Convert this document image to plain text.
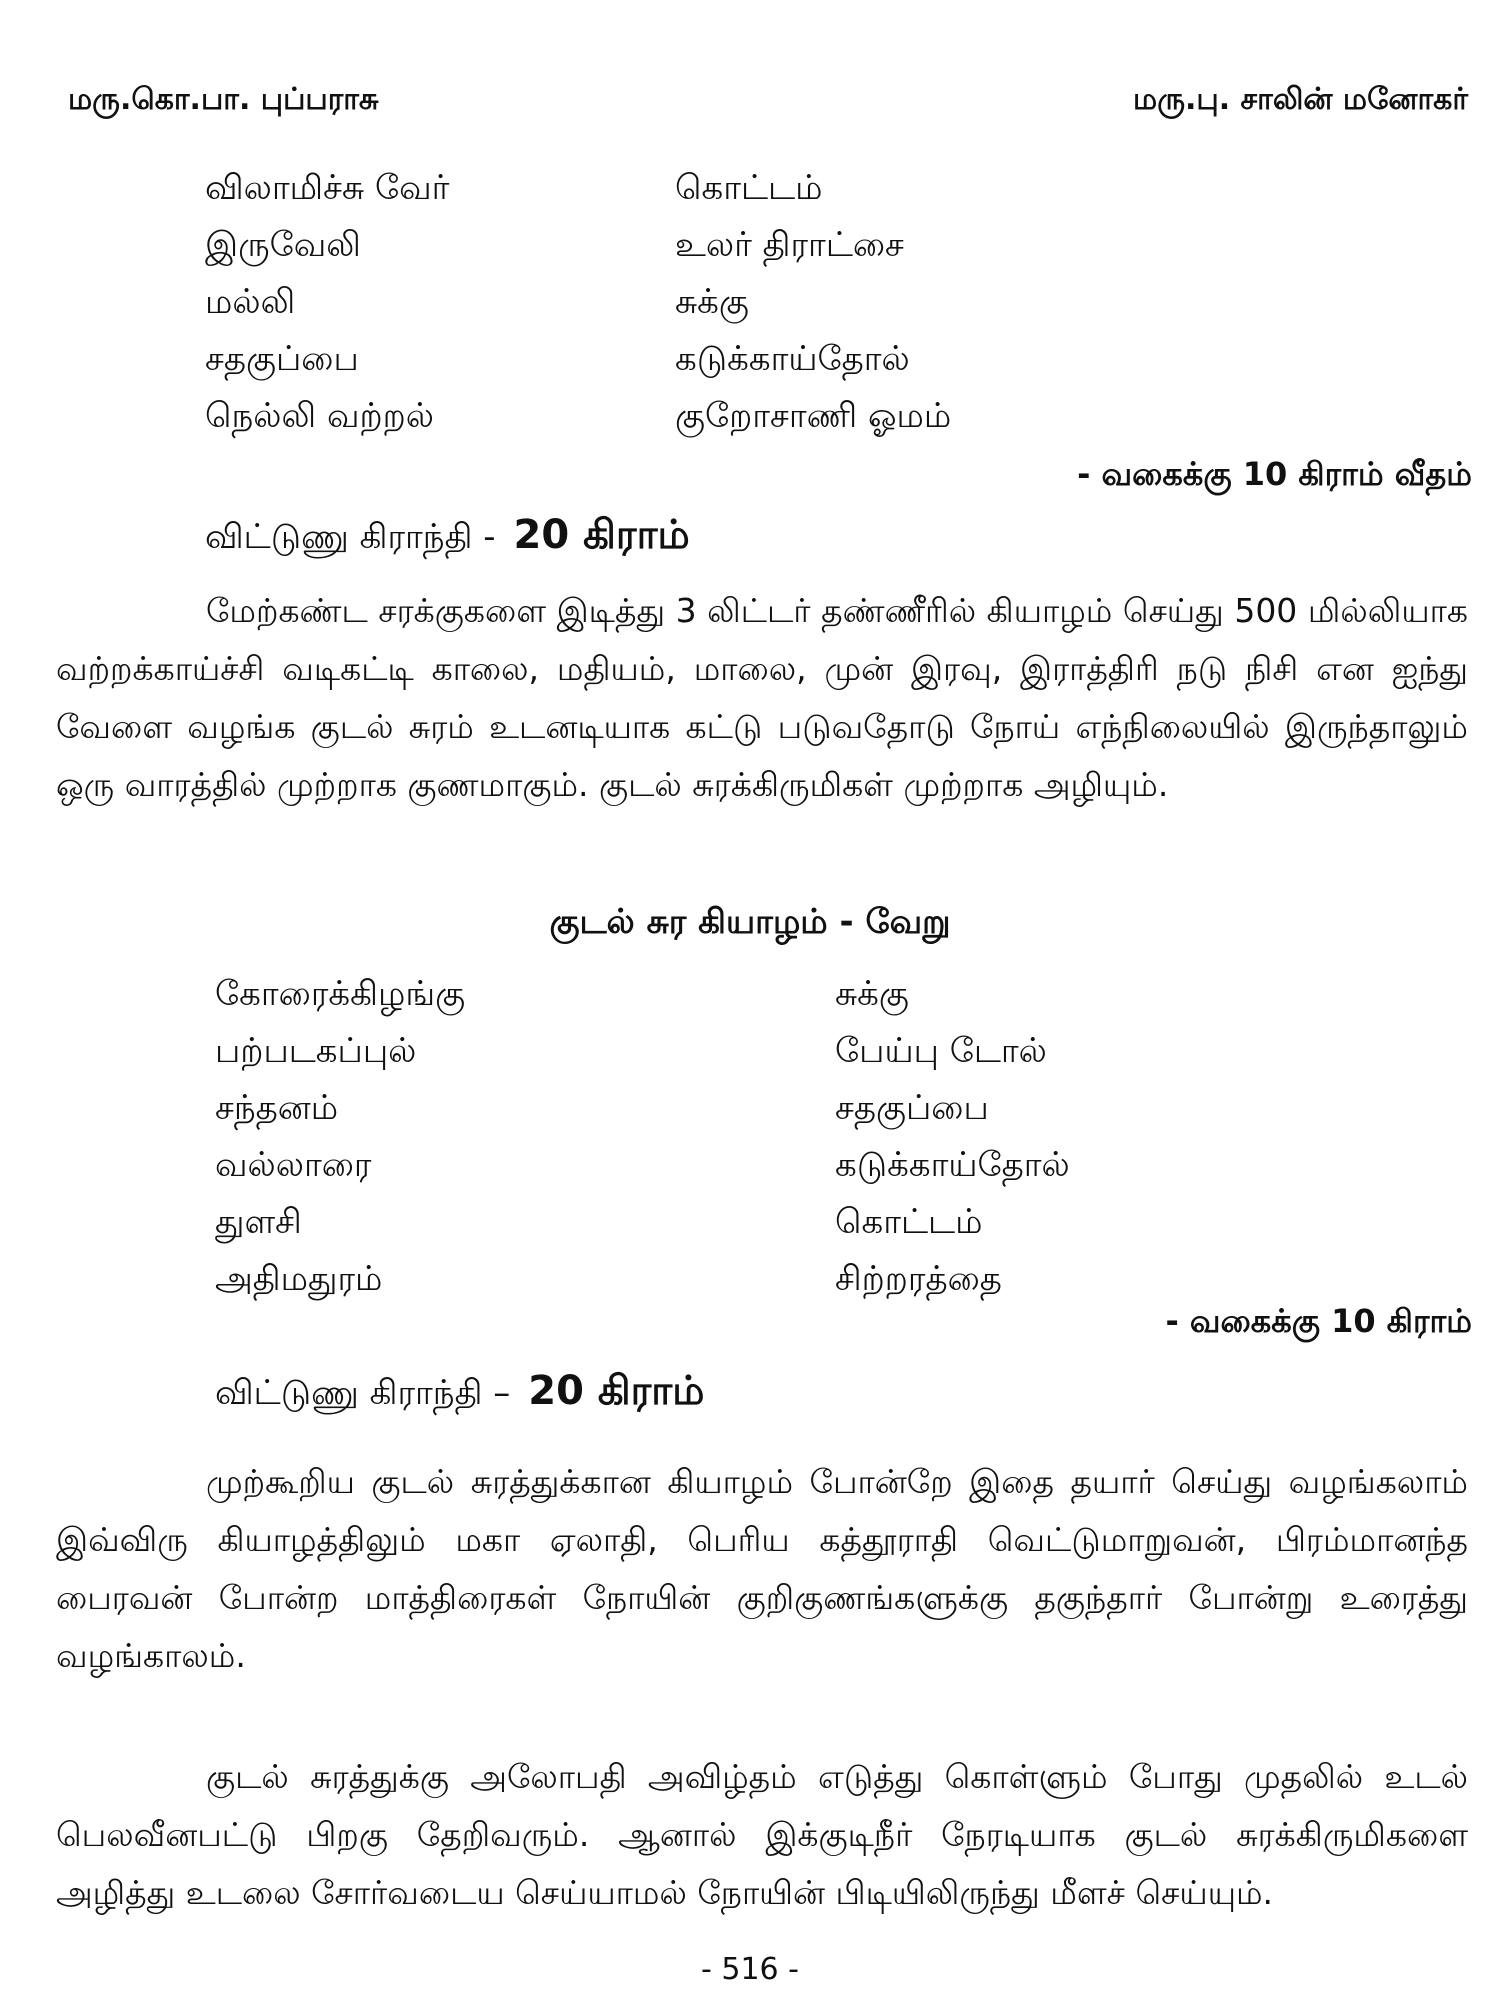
மரு.கொ.பா. புப்பராசு	மரு.பு. சாலின் மனோகர்
விலாமிச்சு வேர்	கொட்டம்
இருவேலி	உலர் திராட்சை
மல்லி	சுக்கு
சதகுப்பை	கடுக்காய்தோல்
நெல்லி வற்றல்	குறோசாணி ஓமம்
- வகைக்கு 10 கிராம் வீதம்
விட்டுணு கிராந்தி - 20 கிராம்

மேற்கண்ட சரக்குகளை இடித்து 3 லிட்டர் தண்ணீரில் கியாழம் செய்து 500 மில்லியாக வற்றக்காய்ச்சி வடிகட்டி காலை, மதியம், மாலை, முன் இரவு, இராத்திரி நடு நிசி என ஐந்து வேளை வழங்க குடல் சுரம் உடனடியாக கட்டு படுவதோடு நோய் எந்நிலையில் இருந்தாலும் ஒரு வாரத்தில் முற்றாக குணமாகும். குடல் சுரக்கிருமிகள் முற்றாக அழியும்.

குடல் சுர கியாழம் - வேறு
கோரைக்கிழங்கு	சுக்கு
பற்படகப்புல்	பேய்பு டோல்
சந்தனம்	சதகுப்பை
வல்லாரை	கடுக்காய்தோல்
துளசி	கொட்டம்
அதிமதுரம்	சிற்றரத்தை
- வகைக்கு 10 கிராம்
விட்டுணு கிராந்தி – 20 கிராம்

முற்கூறிய குடல் சுரத்துக்கான கியாழம் போன்றே இதை தயார் செய்து வழங்கலாம் இவ்விரு கியாழத்திலும் மகா ஏலாதி, பெரிய கத்தூராதி வெட்டுமாறுவன், பிரம்மானந்த பைரவன் போன்ற மாத்திரைகள் நோயின் குறிகுணங்களுக்கு தகுந்தார் போன்று உரைத்து வழங்காலம்.

குடல் சுரத்துக்கு அலோபதி அவிழ்தம் எடுத்து கொள்ளும் போது முதலில் உடல் பெலவீனபட்டு பிறகு தேறிவரும். ஆனால் இக்குடிநீர் நேரடியாக குடல் சுரக்கிருமிகளை அழித்து உடலை சோர்வடைய செய்யாமல் நோயின் பிடியிலிருந்து மீளச் செய்யும்.

- 516 -
